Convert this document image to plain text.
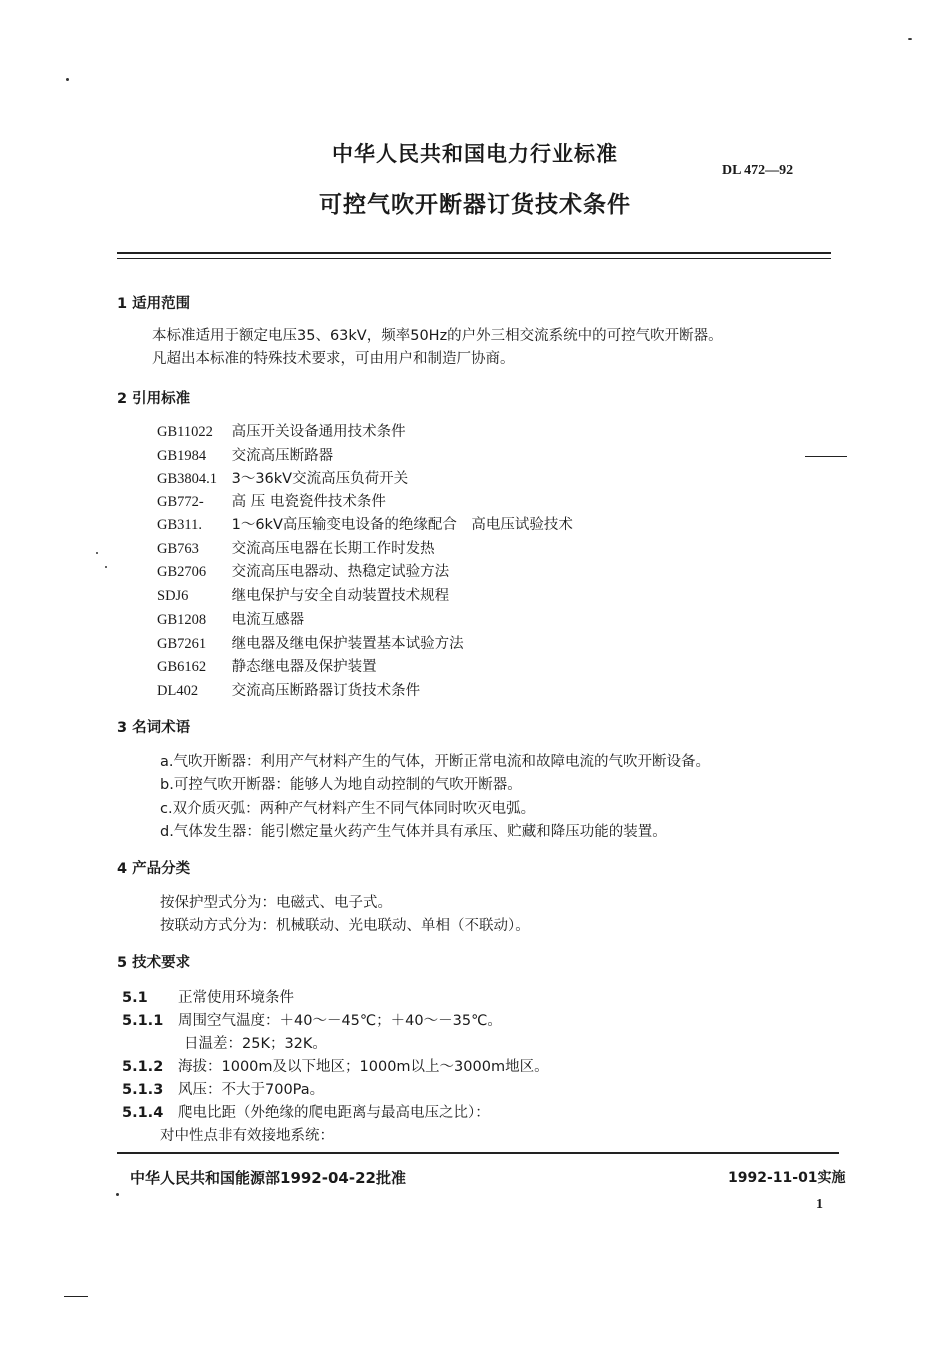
中华人民共和国电力行业标准
DL 472—92
可控气吹开断器订货技术条件
1 适用范围
本标准适用于额定电压35、63kV，频率50Hz的户外三相交流系统中的可控气吹开断器。
凡超出本标准的特殊技术要求，可由用户和制造厂协商。
2 引用标准
GB11022 高压开关设备通用技术条件
GB1984 交流高压断路器
GB3804.1 3～36kV交流高压负荷开关
GB772- 高 压 电瓷瓷件技术条件
GB311. 1～6kV高压输变电设备的绝缘配合　高电压试验技术
GB763 交流高压电器在长期工作时发热
GB2706 交流高压电器动、热稳定试验方法
SDJ6	继电保护与安全自动装置技术规程
GB1208 电流互感器
GB7261 继电器及继电保护装置基本试验方法
GB6162 静态继电器及保护装置
DL402 交流高压断路器订货技术条件
3 名词术语
a.气吹开断器：利用产气材料产生的气体，开断正常电流和故障电流的气吹开断设备。
b.可控气吹开断器：能够人为地自动控制的气吹开断器。
c.双介质灭弧：两种产气材料产生不同气体同时吹灭电弧。
d.气体发生器：能引燃定量火药产生气体并具有承压、贮藏和降压功能的装置。
4 产品分类
按保护型式分为：电磁式、电子式。
按联动方式分为：机械联动、光电联动、单相（不联动）。
5 技术要求
5.1 正常使用环境条件
5.1.1 周围空气温度：＋40～－45℃；＋40～－35℃。
日温差：25K；32K。
5.1.2 海拔：1000m及以下地区；1000m以上～3000m地区。
5.1.3 风压：不大于700Pa。
5.1.4 爬电比距（外绝缘的爬电距离与最高电压之比）：
对中性点非有效接地系统：
中华人民共和国能源部1992-04-22批准	1992-11-01实施
1
